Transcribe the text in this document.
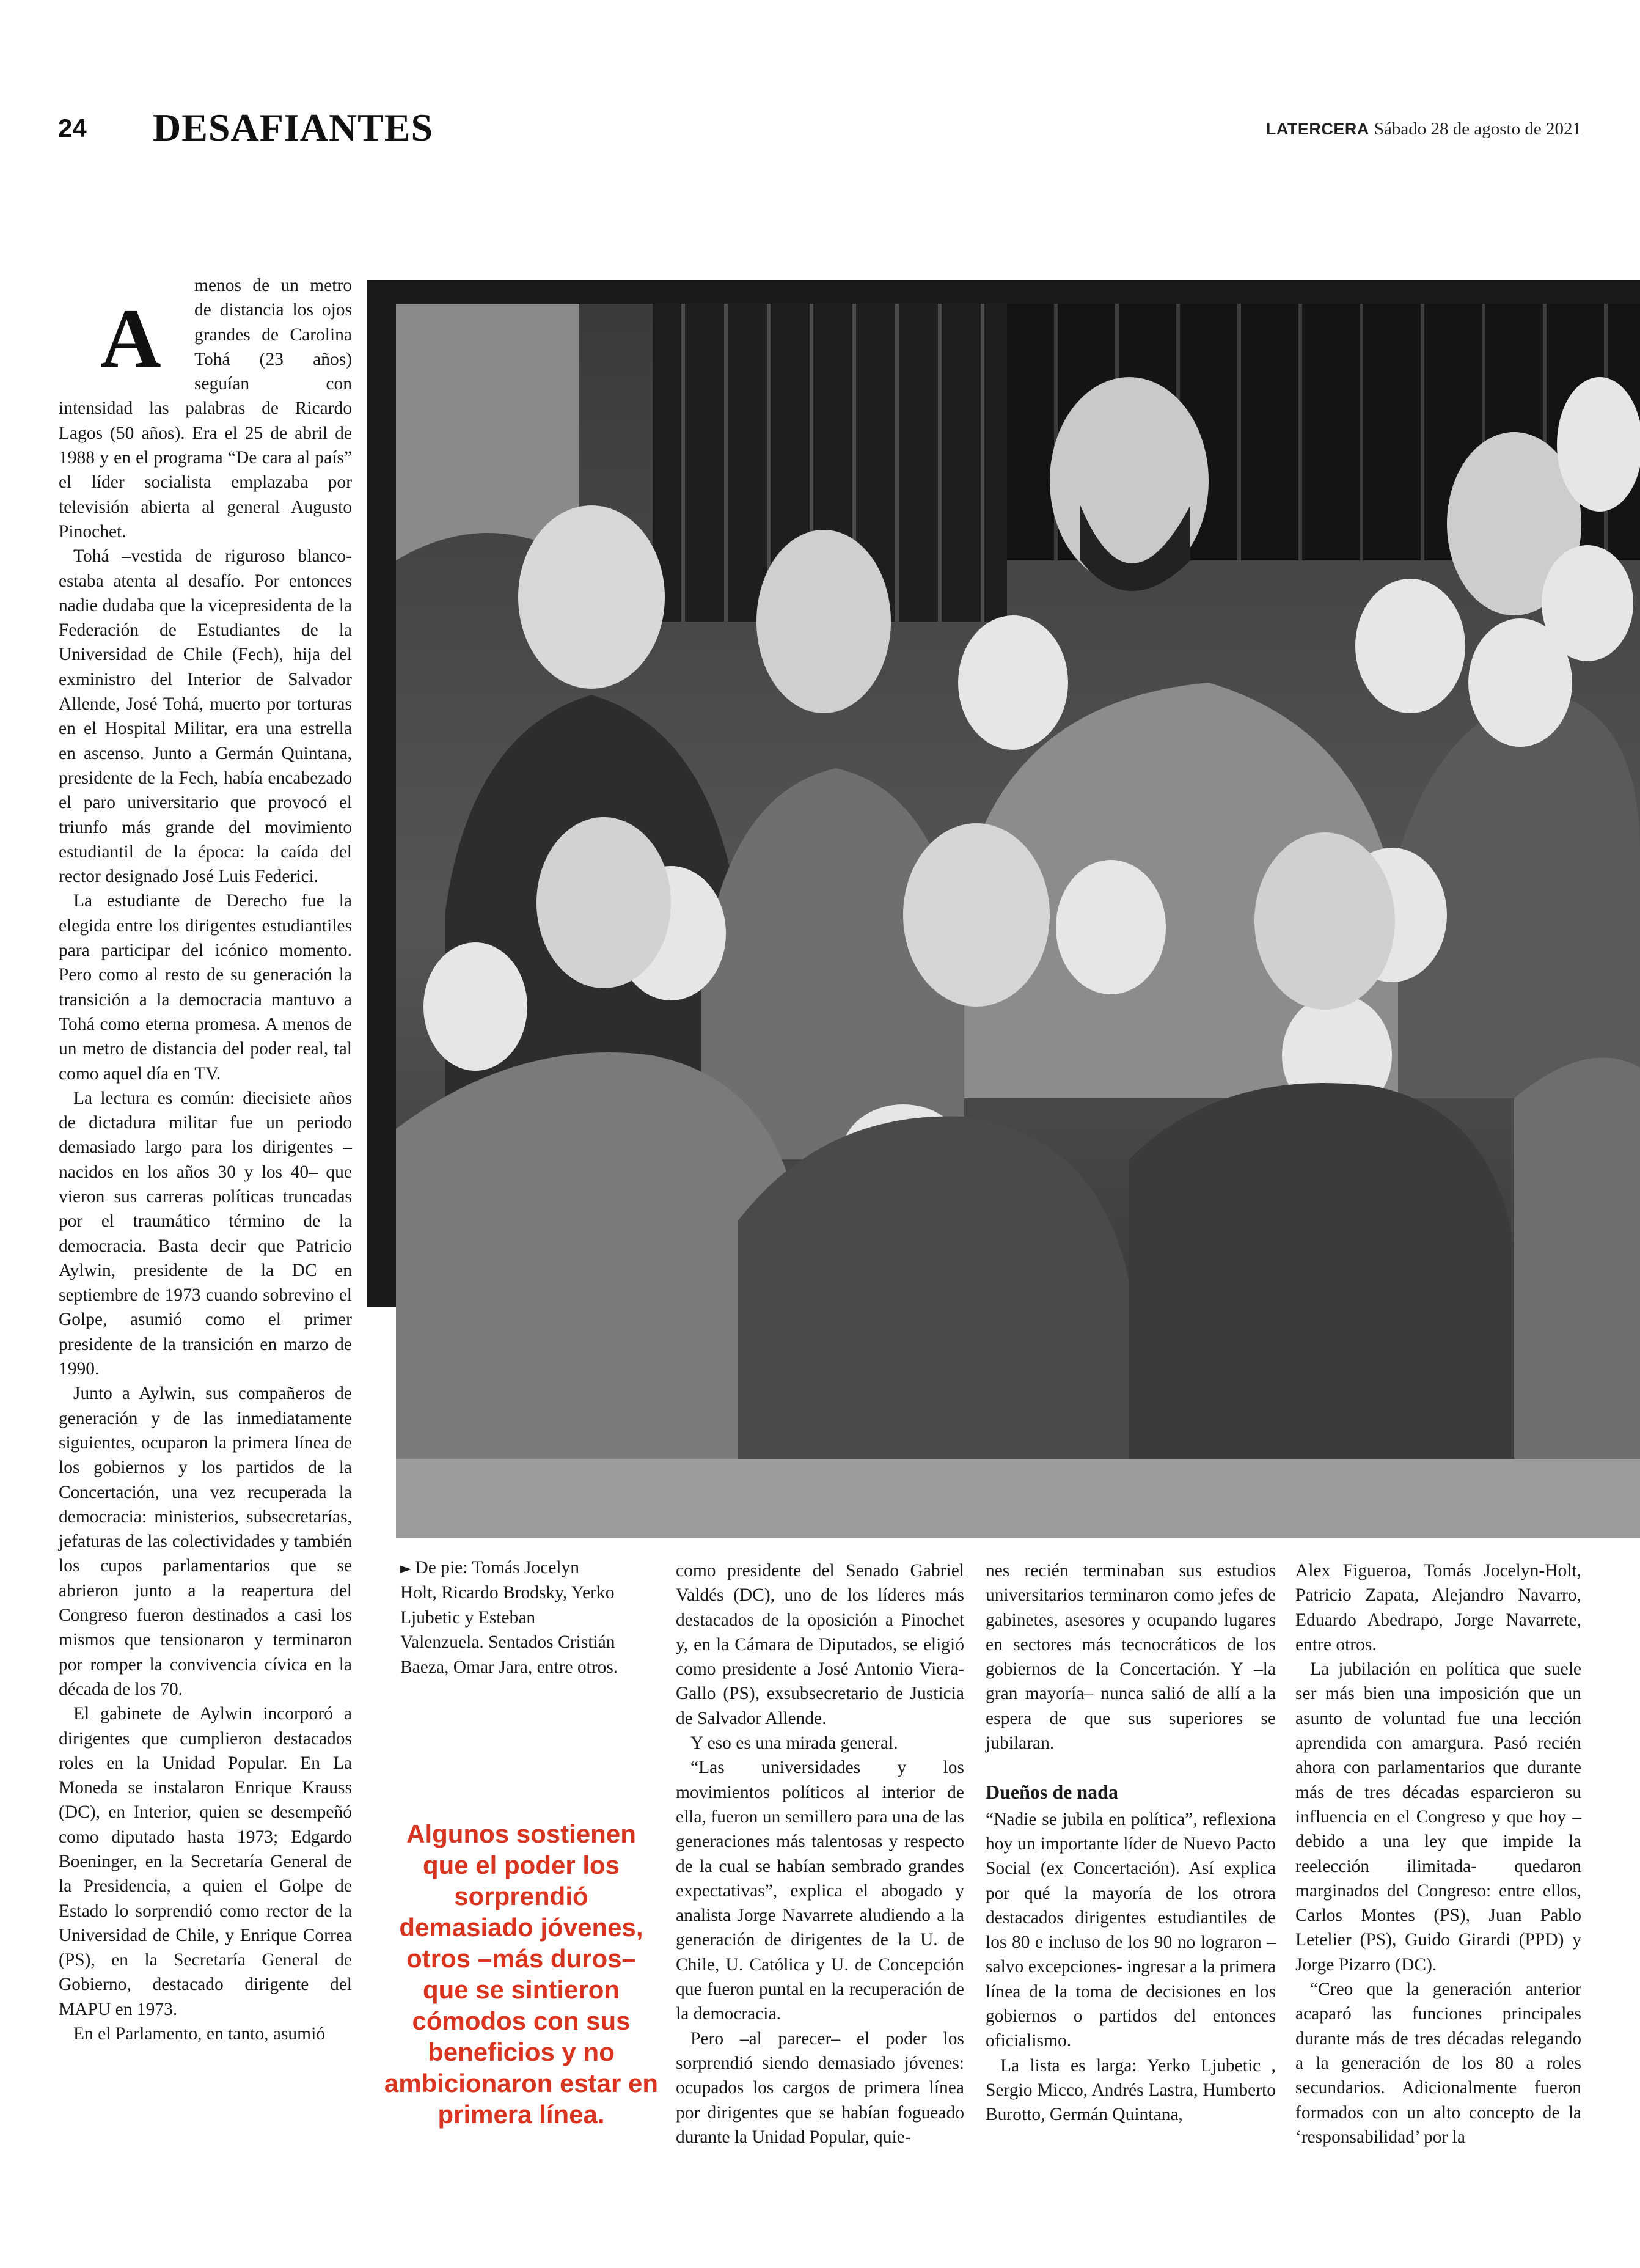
24 DESAFIANTES	LATERCERA Sábado 28 de agosto de 2021
A

menos de un metro de distancia los ojos grandes de Carolina Tohá (23 años) seguían con intensidad las palabras de Ricardo Lagos (50 años). Era el 25 de abril de 1988 y en el programa “De cara al país” el líder socialista emplazaba por televisión abierta al general Augusto Pinochet.

Tohá –vestida de riguroso blanco- estaba atenta al desafío. Por entonces nadie dudaba que la vicepresidenta de la Federación de Estudiantes de la Universidad de Chile (Fech), hija del exministro del Interior de Salvador Allende, José Tohá, muerto por torturas en el Hospital Militar, era una estrella en ascenso. Junto a Germán Quintana, presidente de la Fech, había encabezado el paro universitario que provocó el triunfo más grande del movimiento estudiantil de la época: la caída del rector designado José Luis Federici.

La estudiante de Derecho fue la elegida entre los dirigentes estudiantiles para participar del icónico momento. Pero como al resto de su generación la transición a la democracia mantuvo a Tohá como eterna promesa. A menos de un metro de distancia del poder real, tal como aquel día en TV.

La lectura es común: diecisiete años de dictadura militar fue un periodo demasiado largo para los dirigentes –nacidos en los años 30 y los 40– que vieron sus carreras políticas truncadas por el traumático término de la democracia. Basta decir que Patricio Aylwin, presidente de la DC en septiembre de 1973 cuando sobrevino el Golpe, asumió como el primer presidente de la transición en marzo de 1990.

Junto a Aylwin, sus compañeros de generación y de las inmediatamente siguientes, ocuparon la primera línea de los gobiernos y los partidos de la Concertación, una vez recuperada la democracia: ministerios, subsecretarías, jefaturas de las colectividades y también los cupos parlamentarios que se abrieron junto a la reapertura del Congreso fueron destinados a casi los mismos que tensionaron y terminaron por romper la convivencia cívica en la década de los 70.

El gabinete de Aylwin incorporó a dirigentes que cumplieron destacados roles en la Unidad Popular. En La Moneda se instalaron Enrique Krauss (DC), en Interior, quien se desempeñó como diputado hasta 1973; Edgardo Boeninger, en la Secretaría General de la Presidencia, a quien el Golpe de Estado lo sorprendió como rector de la Universidad de Chile, y Enrique Correa (PS), en la Secretaría General de Gobierno, destacado dirigente del MAPU en 1973.

En el Parlamento, en tanto, asumió

► De pie: Tomás Jocelyn Holt, Ricardo Brodsky, Yerko Ljubetic y Esteban Valenzuela. Sentados Cristián Baeza, Omar Jara, entre otros.
Algunos sostienen que el poder los sorprendió demasiado jóvenes, otros –más duros– que se sintieron cómodos con sus beneficios y no ambicionaron estar en primera línea.

como presidente del Senado Gabriel Valdés (DC), uno de los líderes más destacados de la oposición a Pinochet y, en la Cámara de Diputados, se eligió como presidente a José Antonio Viera-Gallo (PS), exsubsecretario de Justicia de Salvador Allende.

Y eso es una mirada general.

“Las universidades y los movimientos políticos al interior de ella, fueron un semillero para una de las generaciones más talentosas y respecto de la cual se habían sembrado grandes expectativas”, explica el abogado y analista Jorge Navarrete aludiendo a la generación de dirigentes de la U. de Chile, U. Católica y U. de Concepción que fueron puntal en la recuperación de la democracia.

Pero –al parecer– el poder los sorprendió siendo demasiado jóvenes: ocupados los cargos de primera línea por dirigentes que se habían fogueado durante la Unidad Popular, quie-

nes recién terminaban sus estudios universitarios terminaron como jefes de gabinetes, asesores y ocupando lugares en sectores más tecnocráticos de los gobiernos de la Concertación. Y –la gran mayoría– nunca salió de allí a la espera de que sus superiores se jubilaran.

Dueños de nada

“Nadie se jubila en política”, reflexiona hoy un importante líder de Nuevo Pacto Social (ex Concertación). Así explica por qué la mayoría de los otrora destacados dirigentes estudiantiles de los 80 e incluso de los 90 no lograron –salvo excepciones- ingresar a la primera línea de la toma de decisiones en los gobiernos o partidos del entonces oficialismo.

La lista es larga: Yerko Ljubetic , Sergio Micco, Andrés Lastra, Humberto Burotto, Germán Quintana,

Alex Figueroa, Tomás Jocelyn-Holt, Patricio Zapata, Alejandro Navarro, Eduardo Abedrapo, Jorge Navarrete, entre otros.

La jubilación en política que suele ser más bien una imposición que un asunto de voluntad fue una lección aprendida con amargura. Pasó recién ahora con parlamentarios que durante más de tres décadas esparcieron su influencia en el Congreso y que hoy –debido a una ley que impide la reelección ilimitada- quedaron marginados del Congreso: entre ellos, Carlos Montes (PS), Juan Pablo Letelier (PS), Guido Girardi (PPD) y Jorge Pizarro (DC).

“Creo que la generación anterior acaparó las funciones principales durante más de tres décadas relegando a la generación de los 80 a roles secundarios. Adicionalmente fueron formados con un alto concepto de la ‘responsabilidad’ por la
